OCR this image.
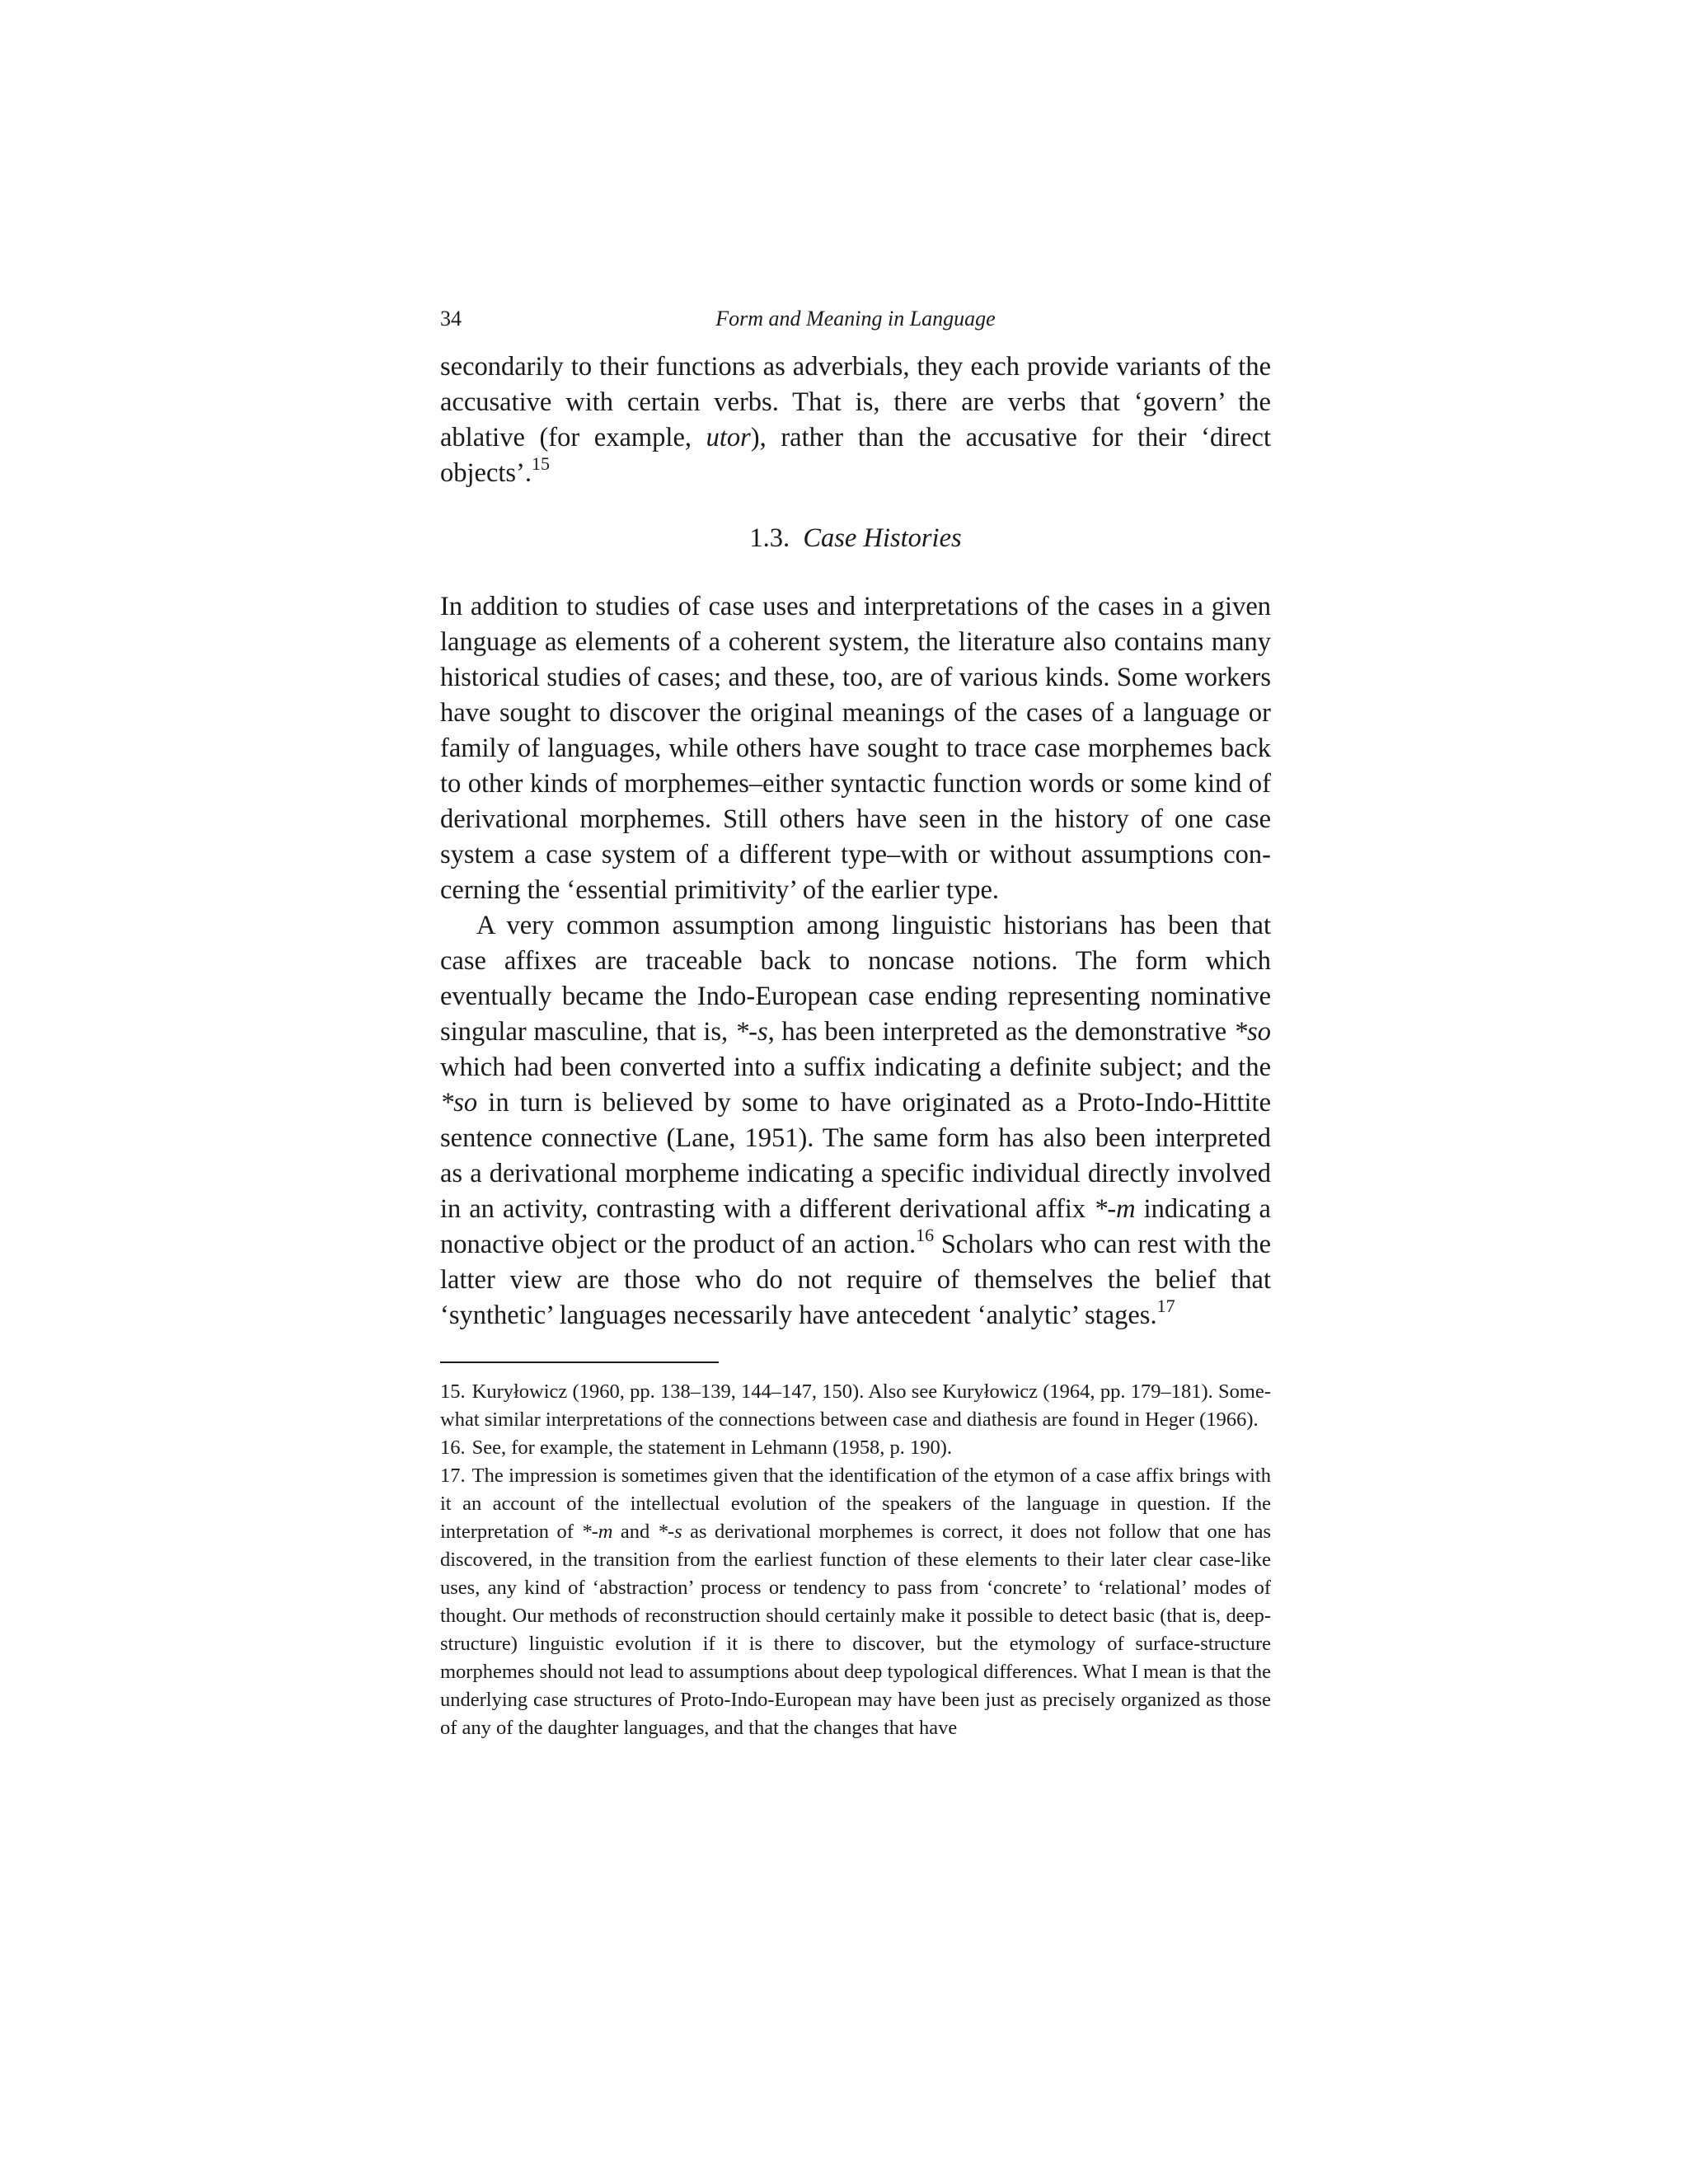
34	Form and Meaning in Language

secondarily to their functions as adverbials, they each provide variants of the accusative with certain verbs. That is, there are verbs that ‘govern’ the ablative (for example, utor), rather than the accusative for their ‘direct objects’.$^{15}$

1.3. Case Histories

In addition to studies of case uses and interpretations of the cases in a given language as elements of a coherent system, the literature also contains many historical studies of cases; and these, too, are of various kinds. Some workers have sought to discover the original meanings of the cases of a language or family of languages, while others have sought to trace case morphemes back to other kinds of morphemes–either syntactic function words or some kind of derivational morphemes. Still others have seen in the history of one case system a case system of a different type–with or without assumptions concerning the ‘essential primitivity’ of the earlier type.

A very common assumption among linguistic historians has been that case affixes are traceable back to noncase notions. The form which eventually became the Indo-European case ending representing nominative singular masculine, that is, *-s, has been interpreted as the demonstrative *so which had been converted into a suffix indicating a definite subject; and the *so in turn is believed by some to have originated as a Proto-Indo-Hittite sentence connective (Lane, 1951). The same form has also been interpreted as a derivational morpheme indicating a specific individual directly involved in an activity, contrasting with a different derivational affix *-m indicating a nonactive object or the product of an action.$^{16}$ Scholars who can rest with the latter view are those who do not require of themselves the belief that ‘synthetic’ languages necessarily have antecedent ‘analytic’ stages.$^{17}$

15. Kuryłowicz (1960, pp. 138–139, 144–147, 150). Also see Kuryłowicz (1964, pp. 179–181). Somewhat similar interpretations of the connections between case and diathesis are found in Heger (1966).

16. See, for example, the statement in Lehmann (1958, p. 190).

17. The impression is sometimes given that the identification of the etymon of a case affix brings with it an account of the intellectual evolution of the speakers of the language in question. If the interpretation of *-m and *-s as derivational morphemes is correct, it does not follow that one has discovered, in the transition from the earliest function of these elements to their later clear case-like uses, any kind of ‘abstraction’ process or tendency to pass from ‘concrete’ to ‘relational’ modes of thought. Our methods of reconstruction should certainly make it possible to detect basic (that is, deep-structure) linguistic evolution if it is there to discover, but the etymology of surface-structure morphemes should not lead to assumptions about deep typological differences. What I mean is that the underlying case structures of Proto-Indo-European may have been just as precisely organized as those of any of the daughter languages, and that the changes that have
